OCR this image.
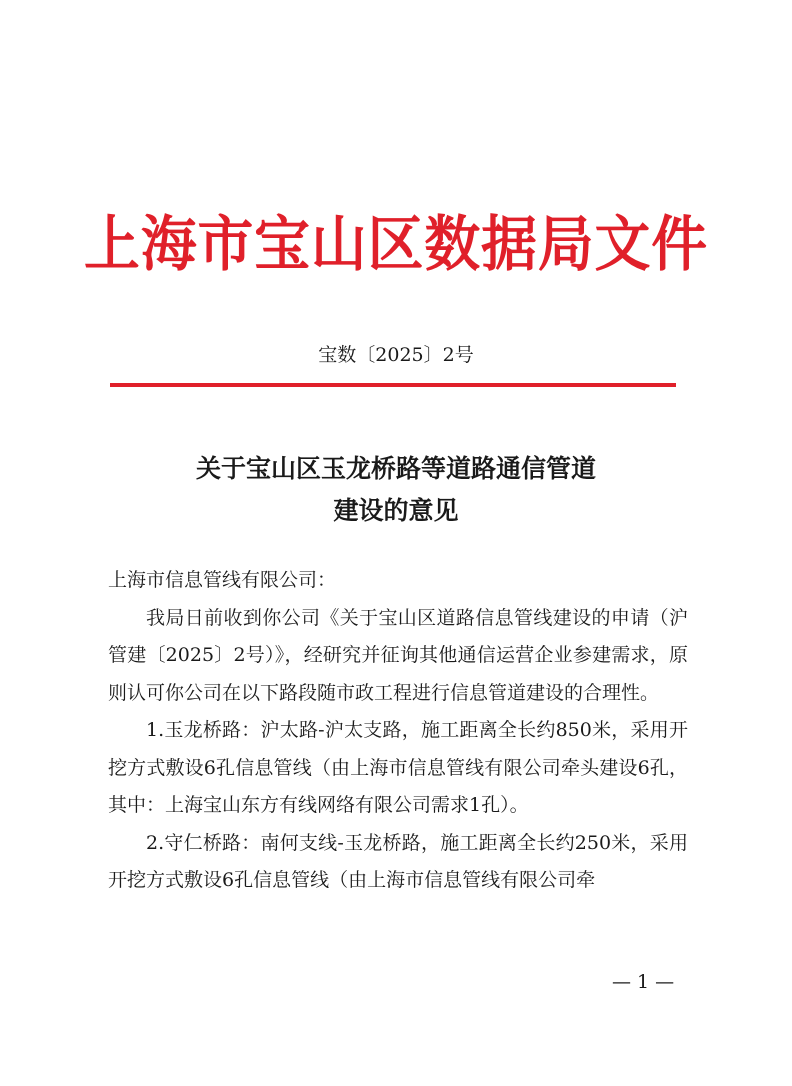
上海市宝山区数据局文件
宝数〔2025〕2号
关于宝山区玉龙桥路等道路通信管道
建设的意见

上海市信息管线有限公司：

我局日前收到你公司《关于宝山区道路信息管线建设的申请（沪管建〔2025〕2号）》，经研究并征询其他通信运营企业参建需求，原则认可你公司在以下路段随市政工程进行信息管道建设的合理性。

1.玉龙桥路：沪太路-沪太支路，施工距离全长约850米，采用开挖方式敷设6孔信息管线（由上海市信息管线有限公司牵头建设6孔，其中：上海宝山东方有线网络有限公司需求1孔）。

2.守仁桥路：南何支线-玉龙桥路，施工距离全长约250米，采用开挖方式敷设6孔信息管线（由上海市信息管线有限公司牵

— 1 —
